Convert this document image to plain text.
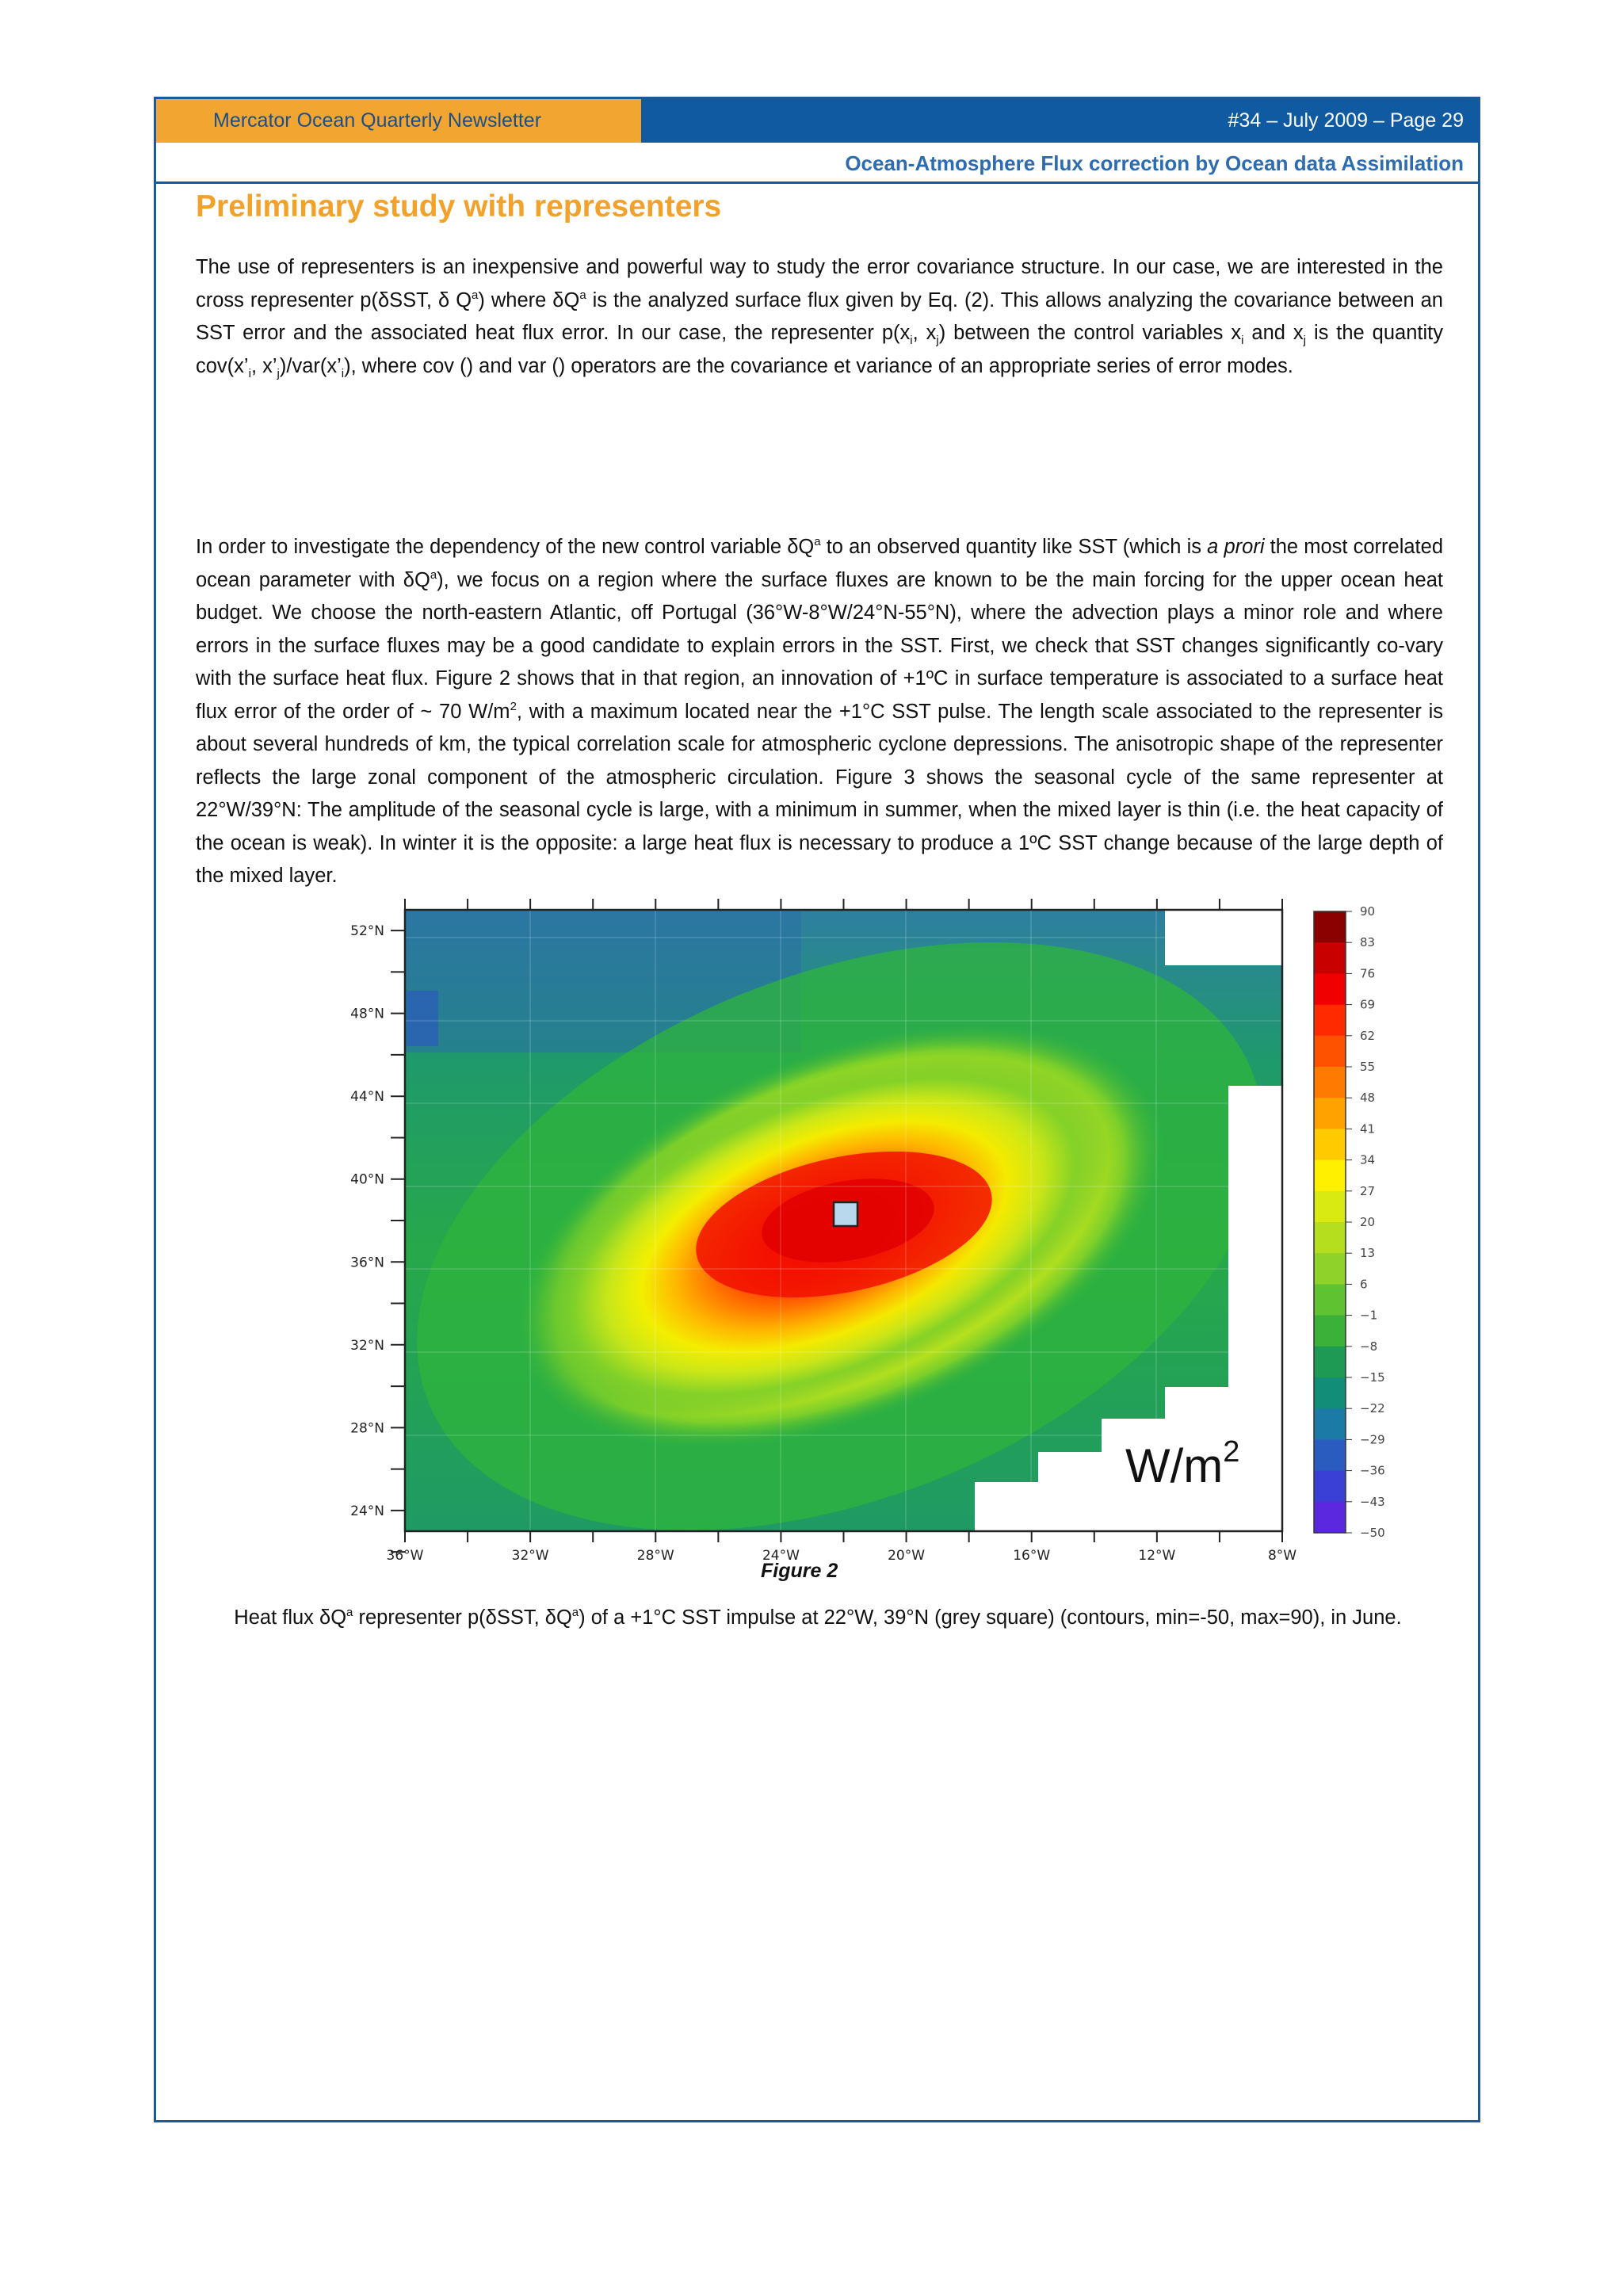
Mercator Ocean Quarterly Newsletter	#34 – July 2009 – Page 29
Ocean-Atmosphere Flux correction by Ocean data Assimilation
Preliminary study with representers

The use of representers is an inexpensive and powerful way to study the error covariance structure. In our case, we are interested in the cross representer p(δSST, δ $Q^a$) where $\delta Q^a$ is the analyzed surface flux given by Eq. (2). This allows analyzing the covariance between an SST error and the associated heat flux error. In our case, the representer $p(x_i$, $x_j$) between the control variables $x_i$ and $x_j$ is the quantity $cov(x’_i$, $x’_j)/var(x’_i)$, where cov () and var () operators are the covariance et variance of an appropriate series of error modes.

In order to investigate the dependency of the new control variable $\delta Q^a$ to an observed quantity like SST (which is a prori the most correlated ocean parameter with $\delta Q^a$), we focus on a region where the surface fluxes are known to be the main forcing for the upper ocean heat budget. We choose the north-eastern Atlantic, off Portugal (36°W-8°W/24°N-55°N), where the advection plays a minor role and where errors in the surface fluxes may be a good candidate to explain errors in the SST. First, we check that SST changes significantly co-vary with the surface heat flux. Figure 2 shows that in that region, an innovation of +1ºC in surface temperature is associated to a surface heat flux error of the order of ~ 70 $W/m^2$, with a maximum located near the +1°C SST pulse. The length scale associated to the representer is about several hundreds of km, the typical correlation scale for atmospheric cyclone depressions. The anisotropic shape of the representer reflects the large zonal component of the atmospheric circulation. Figure 3 shows the seasonal cycle of the same representer at 22°W/39°N: The amplitude of the seasonal cycle is large, with a minimum in summer, when the mixed layer is thin (i.e. the heat capacity of the ocean is weak). In winter it is the opposite: a large heat flux is necessary to produce a 1ºC SST change because of the large depth of the mixed layer.

$W/m^2$
36°W	32°W	28°W	24°W	20°W	16°W	12°W	8°W
52°N
48°N
44°N
40°N
36°N
32°N
28°N
24°N
90
83
76
69
62
55
48
41
34
27
20
13
6
−1
−8
−15
−22
−29
−36
−43
−50
Figure 2
Heat flux $\delta Q^a$ representer p(δSST, $\delta Q^a$) of a +1°C SST impulse at 22°W, 39°N (grey square) (contours, min=-50, max=90), in June.
